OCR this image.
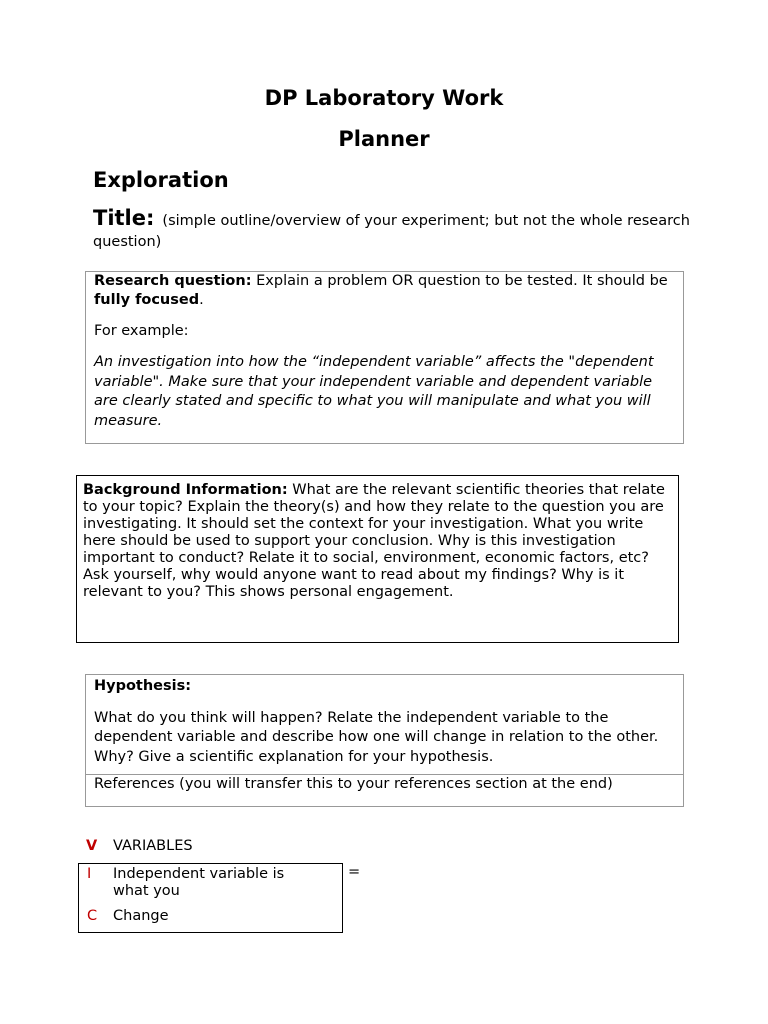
DP Laboratory Work
Planner
Exploration
Title: (simple outline/overview of your experiment; but not the whole research question)

Research question: Explain a problem OR question to be tested. It should be fully focused.

For example:

An investigation into how the “independent variable” affects the "dependent variable". Make sure that your independent variable and dependent variable are clearly stated and specific to what you will manipulate and what you will measure.

Background Information: What are the relevant scientific theories that relate to your topic? Explain the theory(s) and how they relate to the question you are investigating. It should set the context for your investigation. What you write here should be used to support your conclusion. Why is this investigation important to conduct? Relate it to social, environment, economic factors, etc? Ask yourself, why would anyone want to read about my findings? Why is it relevant to you? This shows personal engagement.

Hypothesis:

What do you think will happen? Relate the independent variable to the dependent variable and describe how one will change in relation to the other. Why? Give a scientific explanation for your hypothesis.

References (you will transfer this to your references section at the end)
V VARIABLES
I Independent variable is what you
C Change
=
